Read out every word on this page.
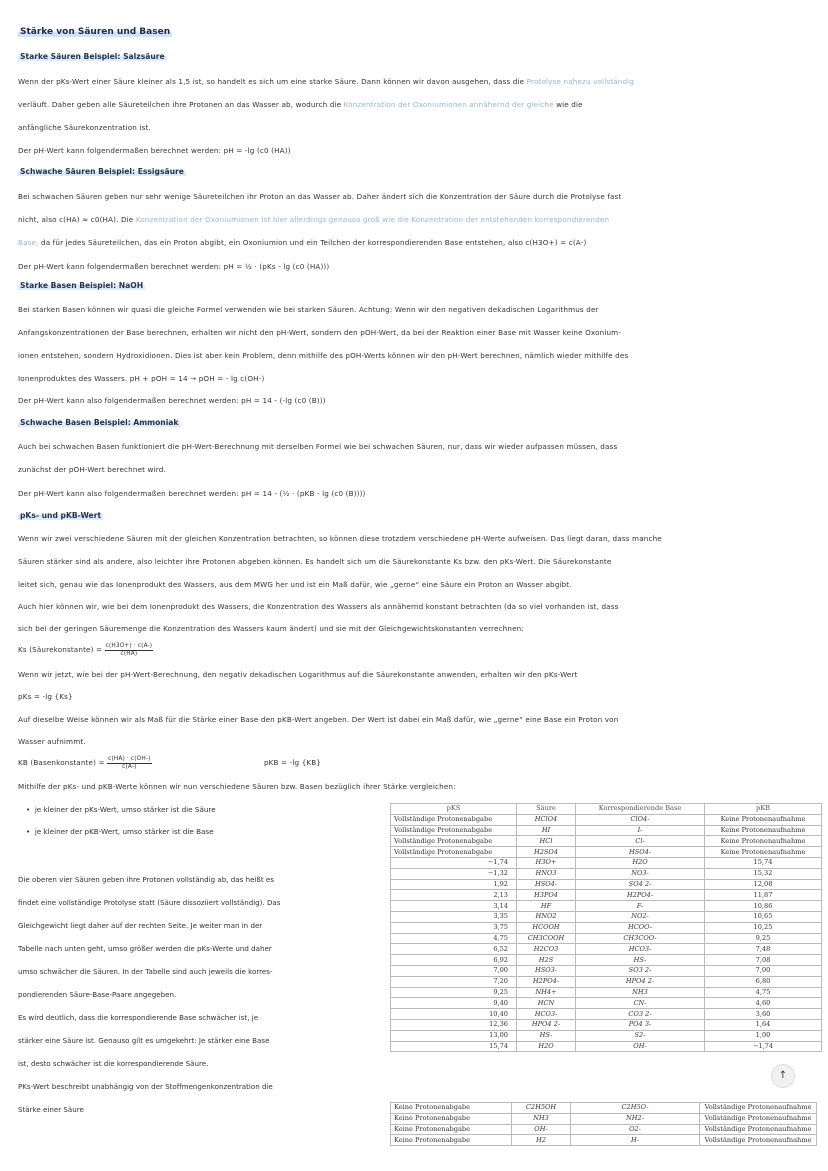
Stärke von Säuren und Basen
Starke Säuren Beispiel: Salzsäure
Wenn der pKs-Wert einer Säure kleiner als 1,5 ist, so handelt es sich um eine starke Säure. Dann können wir davon ausgehen, dass die Protolyse nahezu vollständig
verläuft. Daher geben alle Säureteilchen ihre Protonen an das Wasser ab, wodurch die Konzentration der Oxoniumionen annähernd der gleiche wie die
anfängliche Säurekonzentration ist.
Der pH-Wert kann folgendermaßen berechnet werden: pH = -lg (c0 (HA))
Schwache Säuren Beispiel: Essigsäure
Bei schwachen Säuren geben nur sehr wenige Säureteilchen ihr Proton an das Wasser ab. Daher ändert sich die Konzentration der Säure durch die Protolyse fast
nicht, also c(HA) ≈ c0(HA). Die Konzentration der Oxoniumionen ist hier allerdings genauso groß wie die Konzentration der entstehenden korrespondierenden
Base, da für jedes Säureteilchen, das ein Proton abgibt, ein Oxoniumion und ein Teilchen der korrespondierenden Base entstehen, also c(H3O+) = c(A-)
Der pH-Wert kann folgendermaßen berechnet werden: pH = ½ · (pKs - lg (c0 (HA)))
Starke Basen Beispiel: NaOH
Bei starken Basen können wir quasi die gleiche Formel verwenden wie bei starken Säuren. Achtung: Wenn wir den negativen dekadischen Logarithmus der
Anfangskonzentrationen der Base berechnen, erhalten wir nicht den pH-Wert, sondern den pOH-Wert, da bei der Reaktion einer Base mit Wasser keine Oxonium-
ionen entstehen, sondern Hydroxidionen. Dies ist aber kein Problem, denn mithilfe des pOH-Werts können wir den pH-Wert berechnen, nämlich wieder mithilfe des
Ionenproduktes des Wassers. pH + pOH = 14 → pOH = - lg c(OH-)
Der pH-Wert kann also folgendermaßen berechnet werden: pH = 14 - (-lg (c0 (B)))
Schwache Basen Beispiel: Ammoniak
Auch bei schwachen Basen funktioniert die pH-Wert-Berechnung mit derselben Formel wie bei schwachen Säuren, nur, dass wir wieder aufpassen müssen, dass
zunächst der pOH-Wert berechnet wird.
Der pH-Wert kann also folgendermaßen berechnet werden: pH = 14 - (½ · (pKB - lg (c0 (B))))
pKs- und pKB-Wert
Wenn wir zwei verschiedene Säuren mit der gleichen Konzentration betrachten, so können diese trotzdem verschiedene pH-Werte aufweisen. Das liegt daran, dass manche
Säuren stärker sind als andere, also leichter ihre Protonen abgeben können. Es handelt sich um die Säurekonstante Ks bzw. den pKs-Wert. Die Säurekonstante
leitet sich, genau wie das Ionenprodukt des Wassers, aus dem MWG her und ist ein Maß dafür, wie „gerne“ eine Säure ein Proton an Wasser abgibt.
Auch hier können wir, wie bei dem Ionenprodukt des Wassers, die Konzentration des Wassers als annähernd konstant betrachten (da so viel vorhanden ist, dass
sich bei der geringen Säuremenge die Konzentration des Wassers kaum ändert) und sie mit der Gleichgewichtskonstanten verrechnen:
Ks (Säurekonstante) = $\frac{c(H3O+) \cdot c(A-)}{c(HA)}$
Wenn wir jetzt, wie bei der pH-Wert-Berechnung, den negativ dekadischen Logarithmus auf die Säurekonstante anwenden, erhalten wir den pKs-Wert
pKs = -lg {Ks}
Auf dieselbe Weise können wir als Maß für die Stärke einer Base den pKB-Wert angeben. Der Wert ist dabei ein Maß dafür, wie „gerne“ eine Base ein Proton von
Wasser aufnimmt.
KB (Basenkonstante) = $\frac{c(HA) \cdot c(OH-)}{c(A-)}$	pKB = -lg {KB}
Mithilfe der pKs- und pKB-Werte können wir nun verschiedene Säuren bzw. Basen bezüglich ihrer Stärke vergleichen:
•  je kleiner der pKs-Wert, umso stärker ist die Säure
•  je kleiner der pKB-Wert, umso stärker ist die Base
Die oberen vier Säuren geben ihre Protonen vollständig ab, das heißt es
findet eine vollständige Protolyse statt (Säure dissoziiert vollständig). Das
Gleichgewicht liegt daher auf der rechten Seite. Je weiter man in der
Tabelle nach unten geht, umso größer werden die pKs-Werte und daher
umso schwächer die Säuren. In der Tabelle sind auch jeweils die korres-
pondierenden Säure-Base-Paare angegeben.
Es wird deutlich, dass die korrespondierende Base schwächer ist, je
stärker eine Säure ist. Genauso gilt es umgekehrt: Je stärker eine Base
ist, desto schwächer ist die korrespondierende Säure.
PKs-Wert beschreibt unabhängig von der Stoffmengenkonzentration die
Stärke einer Säure
pKS	Säure	Korrespondierende Base	pKB
Vollständige Protonenabgabe	HClO4	ClO4-	Keine Protonenaufnahme
Vollständige Protonenabgabe	HI	I-	Keine Protonenaufnahme
Vollständige Protonenabgabe	HCl	Cl-	Keine Protonenaufnahme
Vollständige Protonenabgabe	H2SO4	HSO4-	Keine Protonenaufnahme
−1,74	H3O+	H2O	15,74
−1,32	HNO3	NO3-	15,32
1,92	HSO4-	SO4 2-	12,08
2,13	H3PO4	H2PO4-	11,87
3,14	HF	F-	10,86
3,35	HNO2	NO2-	10,65
3,75	HCOOH	HCOO-	10,25
4,75	CH3COOH	CH3COO-	9,25
6,52	H2CO3	HCO3-	7,48
6,92	H2S	HS-	7,08
7,00	HSO3-	SO3 2-	7,00
7,20	H2PO4-	HPO4 2-	6,80
9,25	NH4+	NH3	4,75
9,40	HCN	CN-	4,60
10,40	HCO3-	CO3 2-	3,60
12,36	HPO4 2-	PO4 3-	1,64
13,00	HS-	S2-	1,00
15,74	H2O	OH-	−1,74
Keine Protonenabgabe	C2H5OH	C2H5O-	Vollständige Protonenaufnahme
Keine Protonenabgabe	NH3	NH2-	Vollständige Protonenaufnahme
Keine Protonenabgabe	OH-	O2-	Vollständige Protonenaufnahme
Keine Protonenabgabe	H2	H-	Vollständige Protonenaufnahme
↑
